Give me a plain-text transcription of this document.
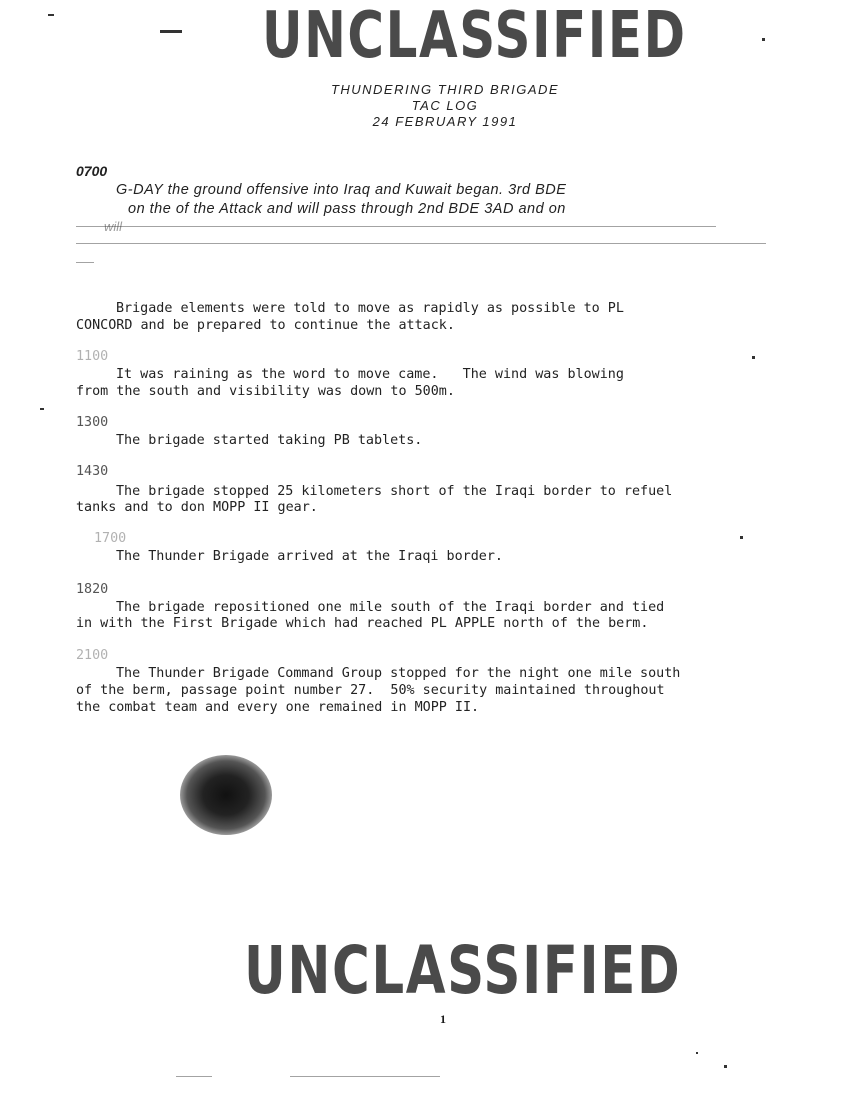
UNCLASSIFIED
THUNDERING THIRD BRIGADE
TAC LOG
24 FEBRUARY 1991
0700
G-DAY the ground offensive into Iraq and Kuwait began. 3rd BDE
on the of the Attack and will pass through 2nd BDE 3AD and on
will
Brigade elements were told to move as rapidly as possible to PL
CONCORD and be prepared to continue the attack.
1100
It was raining as the word to move came.   The wind was blowing
from the south and visibility was down to 500m.
1300
The brigade started taking PB tablets.
1430
The brigade stopped 25 kilometers short of the Iraqi border to refuel
tanks and to don MOPP II gear.
1700
The Thunder Brigade arrived at the Iraqi border.
1820
The brigade repositioned one mile south of the Iraqi border and tied
in with the First Brigade which had reached PL APPLE north of the berm.
2100
The Thunder Brigade Command Group stopped for the night one mile south
of the berm, passage point number 27.  50% security maintained throughout
the combat team and every one remained in MOPP II.
UNCLASSIFIED
1
